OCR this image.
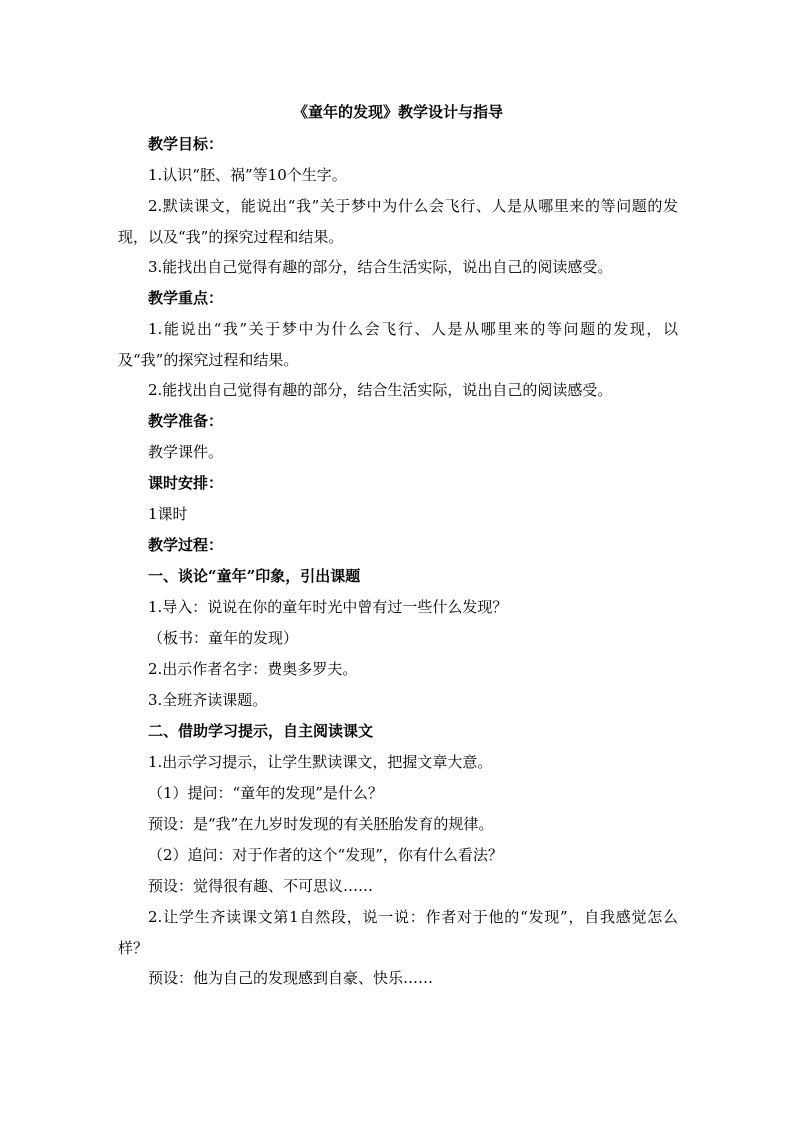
《童年的发现》教学设计与指导

教学目标：

1.认识“胚、祸”等10个生字。

2.默读课文，能说出“我”关于梦中为什么会飞行、人是从哪里来的等问题的发现，以及“我”的探究过程和结果。

3.能找出自己觉得有趣的部分，结合生活实际，说出自己的阅读感受。

教学重点：

1.能说出“我”关于梦中为什么会飞行、人是从哪里来的等问题的发现，以及“我”的探究过程和结果。

2.能找出自己觉得有趣的部分，结合生活实际，说出自己的阅读感受。

教学准备：

教学课件。

课时安排：

1课时

教学过程：

一、谈论“童年”印象，引出课题

1.导入：说说在你的童年时光中曾有过一些什么发现？

（板书：童年的发现）

2.出示作者名字：费奥多罗夫。

3.全班齐读课题。

二、借助学习提示，自主阅读课文

1.出示学习提示，让学生默读课文，把握文章大意。

（1）提问：“童年的发现”是什么？

预设：是“我”在九岁时发现的有关胚胎发育的规律。

（2）追问：对于作者的这个“发现”，你有什么看法？

预设：觉得很有趣、不可思议……

2.让学生齐读课文第1自然段，说一说：作者对于他的“发现”，自我感觉怎么样？

预设：他为自己的发现感到自豪、快乐……
